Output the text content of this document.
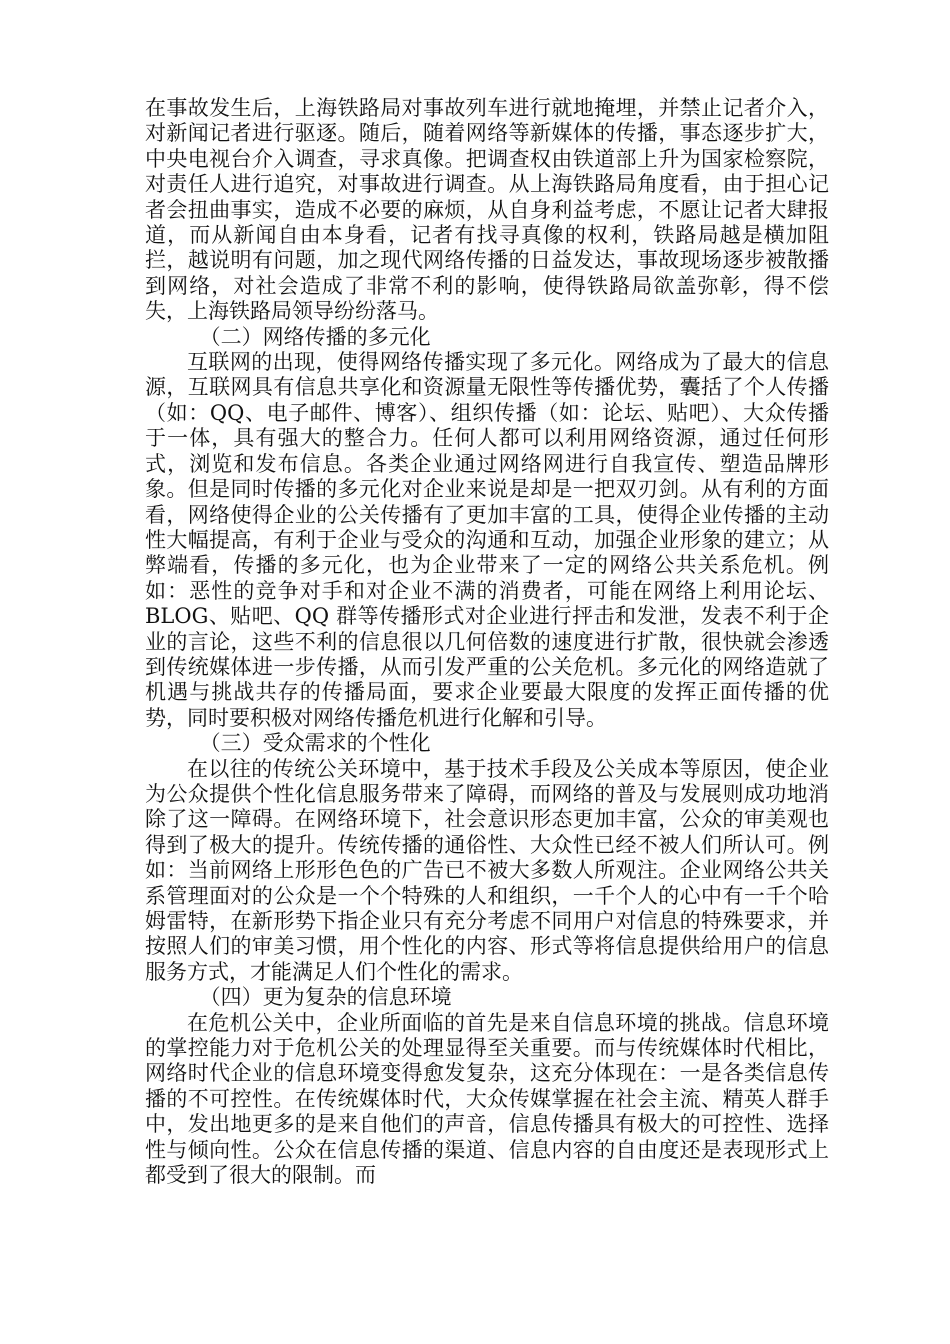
在事故发生后，上海铁路局对事故列车进行就地掩埋，并禁止记者介入，对新闻记者进行驱逐。随后，随着网络等新媒体的传播，事态逐步扩大，中央电视台介入调查，寻求真像。把调查权由铁道部上升为国家检察院，对责任人进行追究，对事故进行调查。从上海铁路局角度看，由于担心记者会扭曲事实，造成不必要的麻烦，从自身利益考虑，不愿让记者大肆报道，而从新闻自由本身看，记者有找寻真像的权利，铁路局越是横加阻拦，越说明有问题，加之现代网络传播的日益发达，事故现场逐步被散播到网络，对社会造成了非常不利的影响，使得铁路局欲盖弥彰，得不偿失，上海铁路局领导纷纷落马。

（二）网络传播的多元化

互联网的出现，使得网络传播实现了多元化。网络成为了最大的信息源，互联网具有信息共享化和资源量无限性等传播优势，囊括了个人传播（如：QQ、电子邮件、博客）、组织传播（如：论坛、贴吧）、大众传播于一体，具有强大的整合力。任何人都可以利用网络资源，通过任何形式，浏览和发布信息。各类企业通过网络网进行自我宣传、塑造品牌形象。但是同时传播的多元化对企业来说是却是一把双刃剑。从有利的方面看，网络使得企业的公关传播有了更加丰富的工具，使得企业传播的主动性大幅提高，有利于企业与受众的沟通和互动，加强企业形象的建立；从弊端看，传播的多元化，也为企业带来了一定的网络公共关系危机。例如：恶性的竞争对手和对企业不满的消费者，可能在网络上利用论坛、BLOG、贴吧、QQ 群等传播形式对企业进行抨击和发泄，发表不利于企业的言论，这些不利的信息很以几何倍数的速度进行扩散，很快就会渗透到传统媒体进一步传播，从而引发严重的公关危机。多元化的网络造就了机遇与挑战共存的传播局面，要求企业要最大限度的发挥正面传播的优势，同时要积极对网络传播危机进行化解和引导。

（三）受众需求的个性化

在以往的传统公关环境中，基于技术手段及公关成本等原因，使企业为公众提供个性化信息服务带来了障碍，而网络的普及与发展则成功地消除了这一障碍。在网络环境下，社会意识形态更加丰富，公众的审美观也得到了极大的提升。传统传播的通俗性、大众性已经不被人们所认可。例如：当前网络上形形色色的广告已不被大多数人所观注。企业网络公共关系管理面对的公众是一个个特殊的人和组织，一千个人的心中有一千个哈姆雷特，在新形势下指企业只有充分考虑不同用户对信息的特殊要求，并按照人们的审美习惯，用个性化的内容、形式等将信息提供给用户的信息服务方式，才能满足人们个性化的需求。

（四）更为复杂的信息环境

在危机公关中，企业所面临的首先是来自信息环境的挑战。信息环境的掌控能力对于危机公关的处理显得至关重要。而与传统媒体时代相比，网络时代企业的信息环境变得愈发复杂，这充分体现在：一是各类信息传播的不可控性。在传统媒体时代，大众传媒掌握在社会主流、精英人群手中，发出地更多的是来自他们的声音，信息传播具有极大的可控性、选择性与倾向性。公众在信息传播的渠道、信息内容的自由度还是表现形式上都受到了很大的限制。而
